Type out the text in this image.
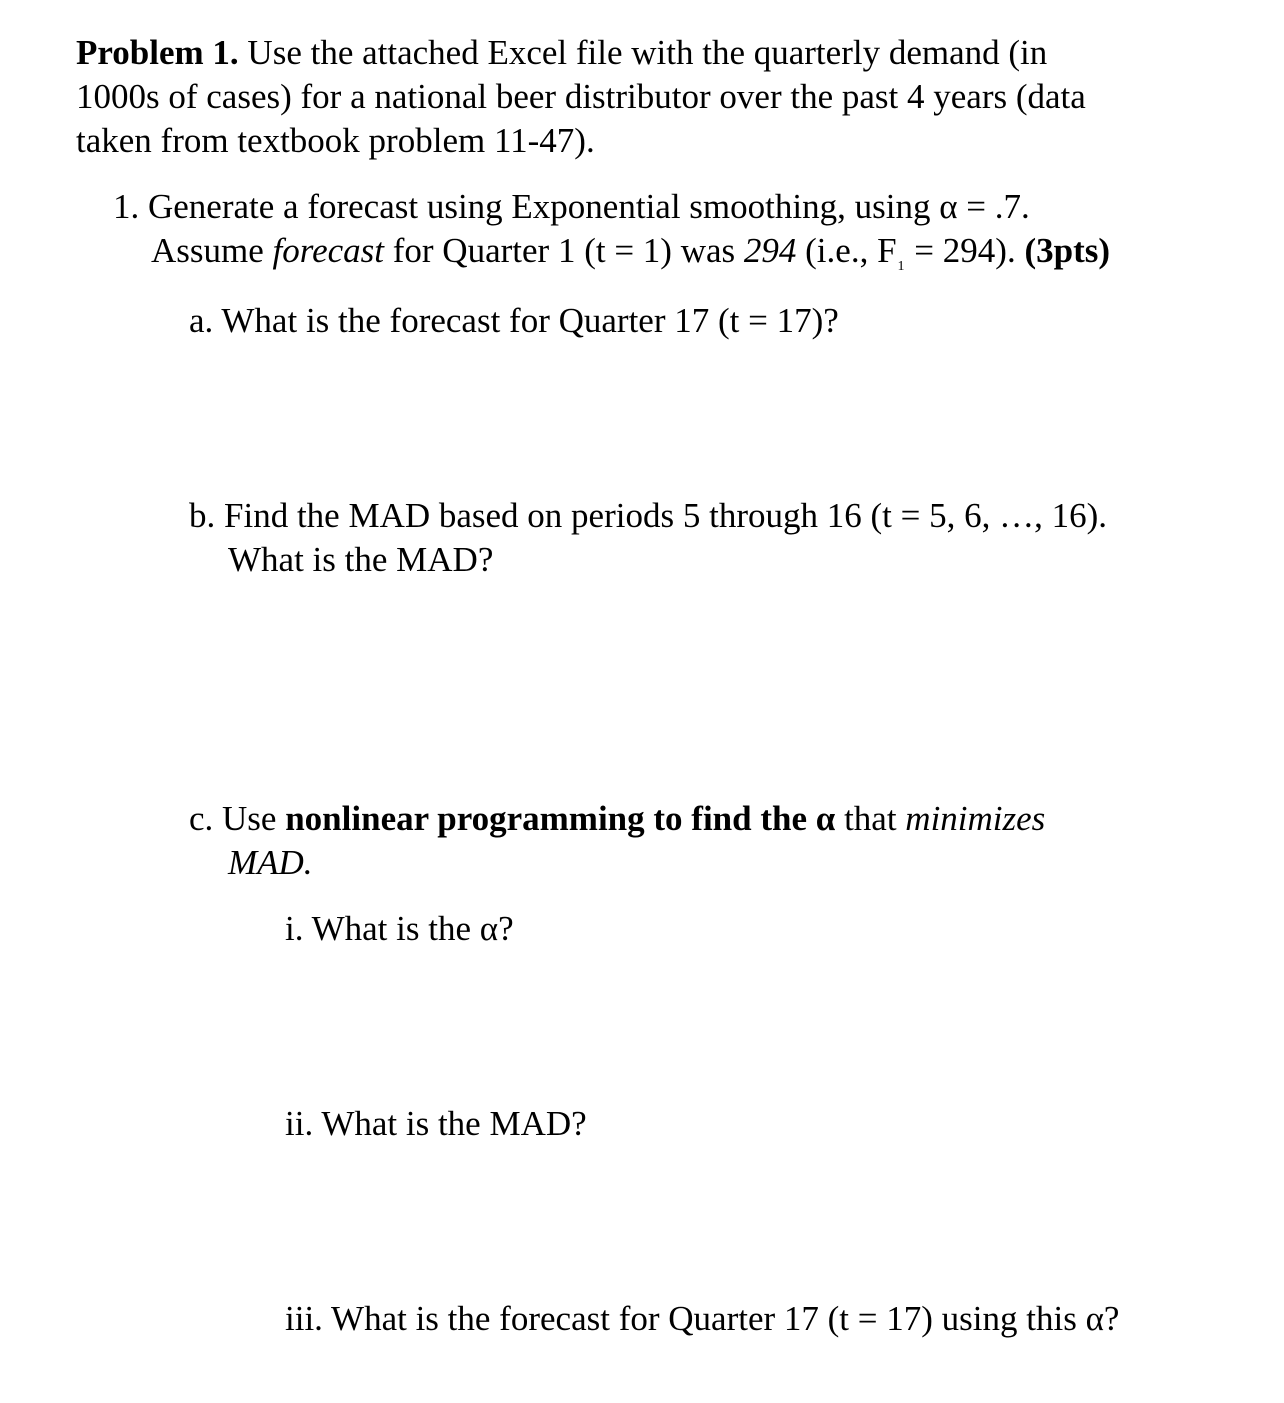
Problem 1. Use the attached Excel file with the quarterly demand (in
1000s of cases) for a national beer distributor over the past 4 years (data
taken from textbook problem 11-47).
1. Generate a forecast using Exponential smoothing, using α = .7.
Assume forecast for Quarter 1 (t = 1) was 294 (i.e., $F_1 = 294$). (3pts)
a. What is the forecast for Quarter 17 (t = 17)?
b. Find the MAD based on periods 5 through 16 (t = 5, 6, …, 16).
What is the MAD?
c. Use nonlinear programming to find the α that minimizes
MAD.
i. What is the α?
ii. What is the MAD?
iii. What is the forecast for Quarter 17 (t = 17) using this α?
